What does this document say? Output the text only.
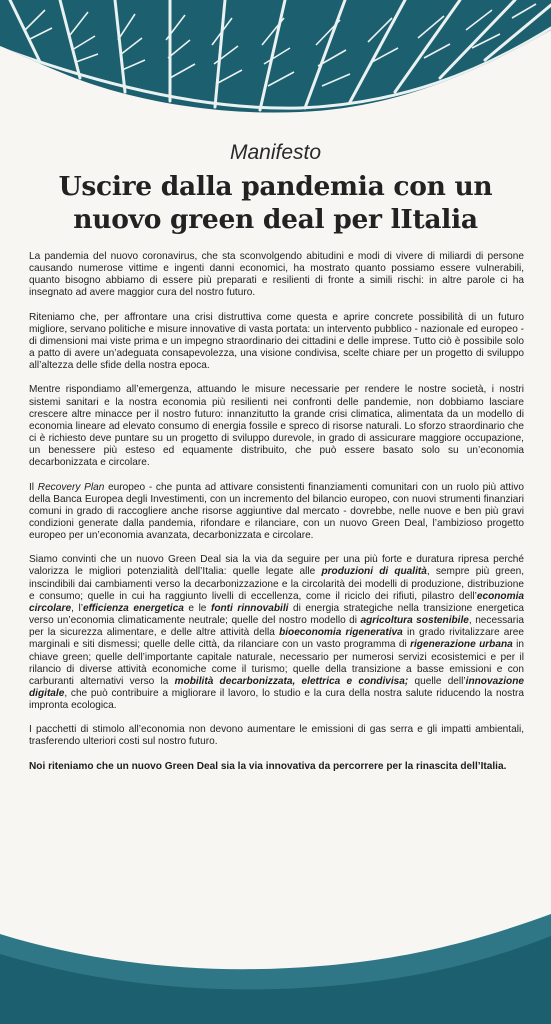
Manifesto
Uscire dalla pandemia con un
nuovo green deal per lItalia

La pandemia del nuovo coronavirus, che sta sconvolgendo abitudini e modi di vivere di miliardi di persone causando numerose vittime e ingenti danni economici, ha mostrato quanto possiamo essere vulnerabili, quanto bisogno abbiamo di essere più preparati e resilienti di fronte a simili rischi: in altre parole ci ha insegnato ad avere maggior cura del nostro futuro.

Riteniamo che, per affrontare una crisi distruttiva come questa e aprire concrete possibilità di un futuro migliore, servano politiche e misure innovative di vasta portata: un intervento pubblico - nazionale ed europeo - di dimensioni mai viste prima e un impegno straordinario dei cittadini e delle imprese. Tutto ciò è possibile solo a patto di avere un’adeguata consapevolezza, una visione condivisa, scelte chiare per un progetto di sviluppo all’altezza delle sfide della nostra epoca.

Mentre rispondiamo all’emergenza, attuando le misure necessarie per rendere le nostre società, i nostri sistemi sanitari e la nostra economia più resilienti nei confronti delle pandemie, non dobbiamo lasciare crescere altre minacce per il nostro futuro: innanzitutto la grande crisi climatica, alimentata da un modello di economia lineare ad elevato consumo di energia fossile e spreco di risorse naturali. Lo sforzo straordinario che ci è richiesto deve puntare su un progetto di sviluppo durevole, in grado di assicurare maggiore occupazione, un benessere più esteso ed equamente distribuito, che può essere basato solo su un’economia decarbonizzata e circolare.

Il Recovery Plan europeo - che punta ad attivare consistenti finanziamenti comunitari con un ruolo più attivo della Banca Europea degli Investimenti, con un incremento del bilancio europeo, con nuovi strumenti finanziari comuni in grado di raccogliere anche risorse aggiuntive dal mercato - dovrebbe, nelle nuove e ben più gravi condizioni generate dalla pandemia, rifondare e rilanciare, con un nuovo Green Deal, l’ambizioso progetto europeo per un’economia avanzata, decarbonizzata e circolare.

Siamo convinti che un nuovo Green Deal sia la via da seguire per una più forte e duratura ripresa perché valorizza le migliori potenzialità dell’Italia: quelle legate alle produzioni di qualità, sempre più green, inscindibili dai cambiamenti verso la decarbonizzazione e la circolarità dei modelli di produzione, distribuzione e consumo; quelle in cui ha raggiunto livelli di eccellenza, come il riciclo dei rifiuti, pilastro dell’economia circolare, l’efficienza energetica e le fonti rinnovabili di energia strategiche nella transizione energetica verso un’economia climaticamente neutrale; quelle del nostro modello di agricoltura sostenibile, necessaria per la sicurezza alimentare, e delle altre attività della bioeconomia rigenerativa in grado rivitalizzare aree marginali e siti dismessi; quelle delle città, da rilanciare con un vasto programma di rigenerazione urbana in chiave green; quelle dell’importante capitale naturale, necessario per numerosi servizi ecosistemici e per il rilancio di diverse attività economiche come il turismo; quelle della transizione a basse emissioni e con carburanti alternativi verso la mobilità decarbonizzata, elettrica e condivisa; quelle dell’innovazione digitale, che può contribuire a migliorare il lavoro, lo studio e la cura della nostra salute riducendo la nostra impronta ecologica.

I pacchetti di stimolo all’economia non devono aumentare le emissioni di gas serra e gli impatti ambientali, trasferendo ulteriori costi sul nostro futuro.

Noi riteniamo che un nuovo Green Deal sia la via innovativa da percorrere per la rinascita dell’Italia.
